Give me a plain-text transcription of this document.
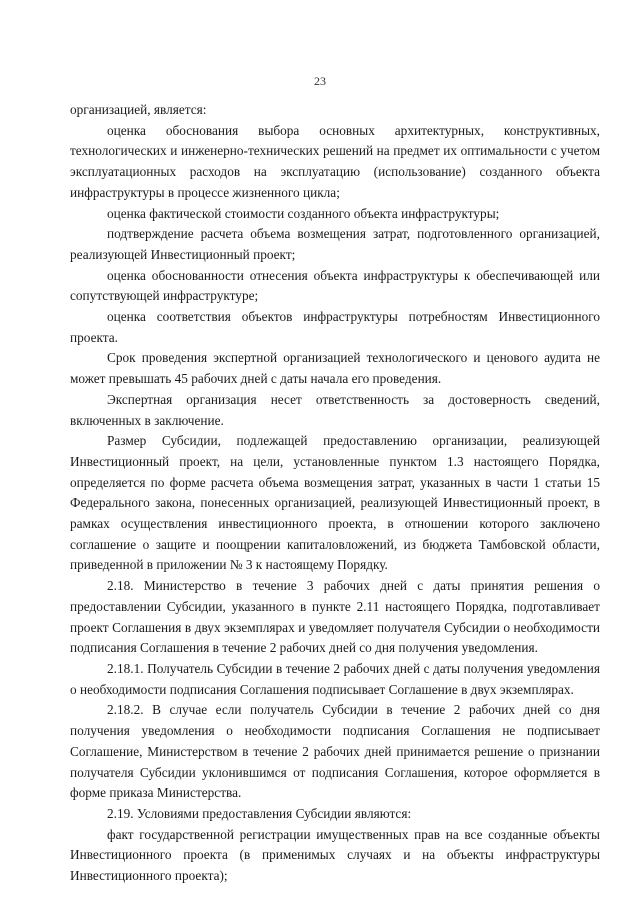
23

организацией, является:

оценка обоснования выбора основных архитектурных, конструктивных, технологических и инженерно-технических решений на предмет их оптимальности с учетом эксплуатационных расходов на эксплуатацию (использование) созданного объекта инфраструктуры в процессе жизненного цикла;

оценка фактической стоимости созданного объекта инфраструктуры;

подтверждение расчета объема возмещения затрат, подготовленного организацией, реализующей Инвестиционный проект;

оценка обоснованности отнесения объекта инфраструктуры к обеспечивающей или сопутствующей инфраструктуре;

оценка соответствия объектов инфраструктуры потребностям Инвестиционного проекта.

Срок проведения экспертной организацией технологического и ценового аудита не может превышать 45 рабочих дней с даты начала его проведения.

Экспертная организация несет ответственность за достоверность сведений, включенных в заключение.

Размер Субсидии, подлежащей предоставлению организации, реализующей Инвестиционный проект, на цели, установленные пунктом 1.3 настоящего Порядка, определяется по форме расчета объема возмещения затрат, указанных в части 1 статьи 15 Федерального закона, понесенных организацией, реализующей Инвестиционный проект, в рамках осуществления инвестиционного проекта, в отношении которого заключено соглашение о защите и поощрении капиталовложений, из бюджета Тамбовской области, приведенной в приложении № 3 к настоящему Порядку.

2.18. Министерство в течение 3 рабочих дней с даты принятия решения о предоставлении Субсидии, указанного в пункте 2.11 настоящего Порядка, подготавливает проект Соглашения в двух экземплярах и уведомляет получателя Субсидии о необходимости подписания Соглашения в течение 2 рабочих дней со дня получения уведомления.

2.18.1. Получатель Субсидии в течение 2 рабочих дней с даты получения уведомления о необходимости подписания Соглашения подписывает Соглашение в двух экземплярах.

2.18.2. В случае если получатель Субсидии в течение 2 рабочих дней со дня получения уведомления о необходимости подписания Соглашения не подписывает Соглашение, Министерством в течение 2 рабочих дней принимается решение о признании получателя Субсидии уклонившимся от подписания Соглашения, которое оформляется в форме приказа Министерства.

2.19. Условиями предоставления Субсидии являются:

факт государственной регистрации имущественных прав на все созданные объекты Инвестиционного проекта (в применимых случаях и на объекты инфраструктуры Инвестиционного проекта);
